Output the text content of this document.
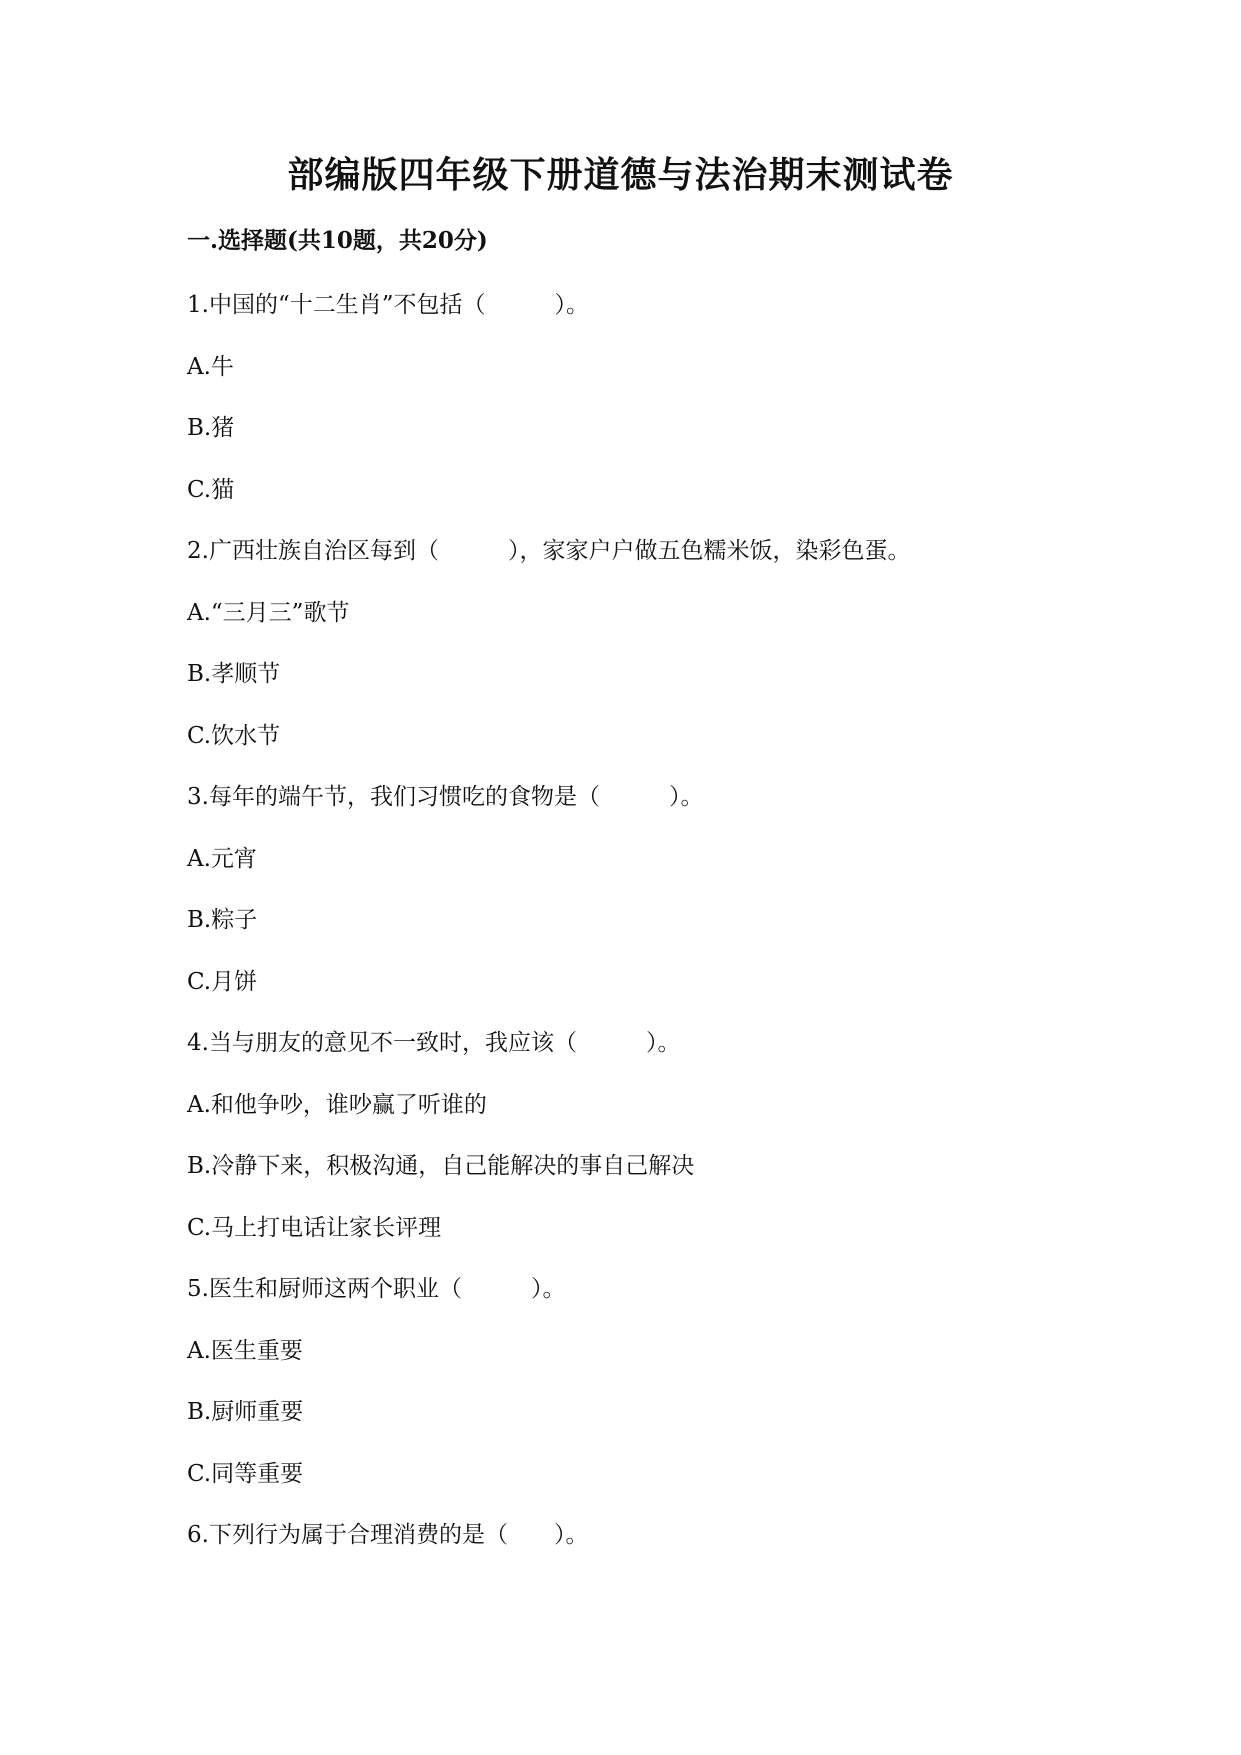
部编版四年级下册道德与法治期末测试卷
一.选择题(共10题，共20分)
1.中国的“十二生肖”不包括（　　　）。
A.牛
B.猪
C.猫
2.广西壮族自治区每到（　　　），家家户户做五色糯米饭，染彩色蛋。
A.“三月三”歌节
B.孝顺节
C.饮水节
3.每年的端午节，我们习惯吃的食物是（　　　）。
A.元宵
B.粽子
C.月饼
4.当与朋友的意见不一致时，我应该（　　　）。
A.和他争吵，谁吵赢了听谁的
B.冷静下来，积极沟通，自己能解决的事自己解决
C.马上打电话让家长评理
5.医生和厨师这两个职业（　　　）。
A.医生重要
B.厨师重要
C.同等重要
6.下列行为属于合理消费的是（　　）。
